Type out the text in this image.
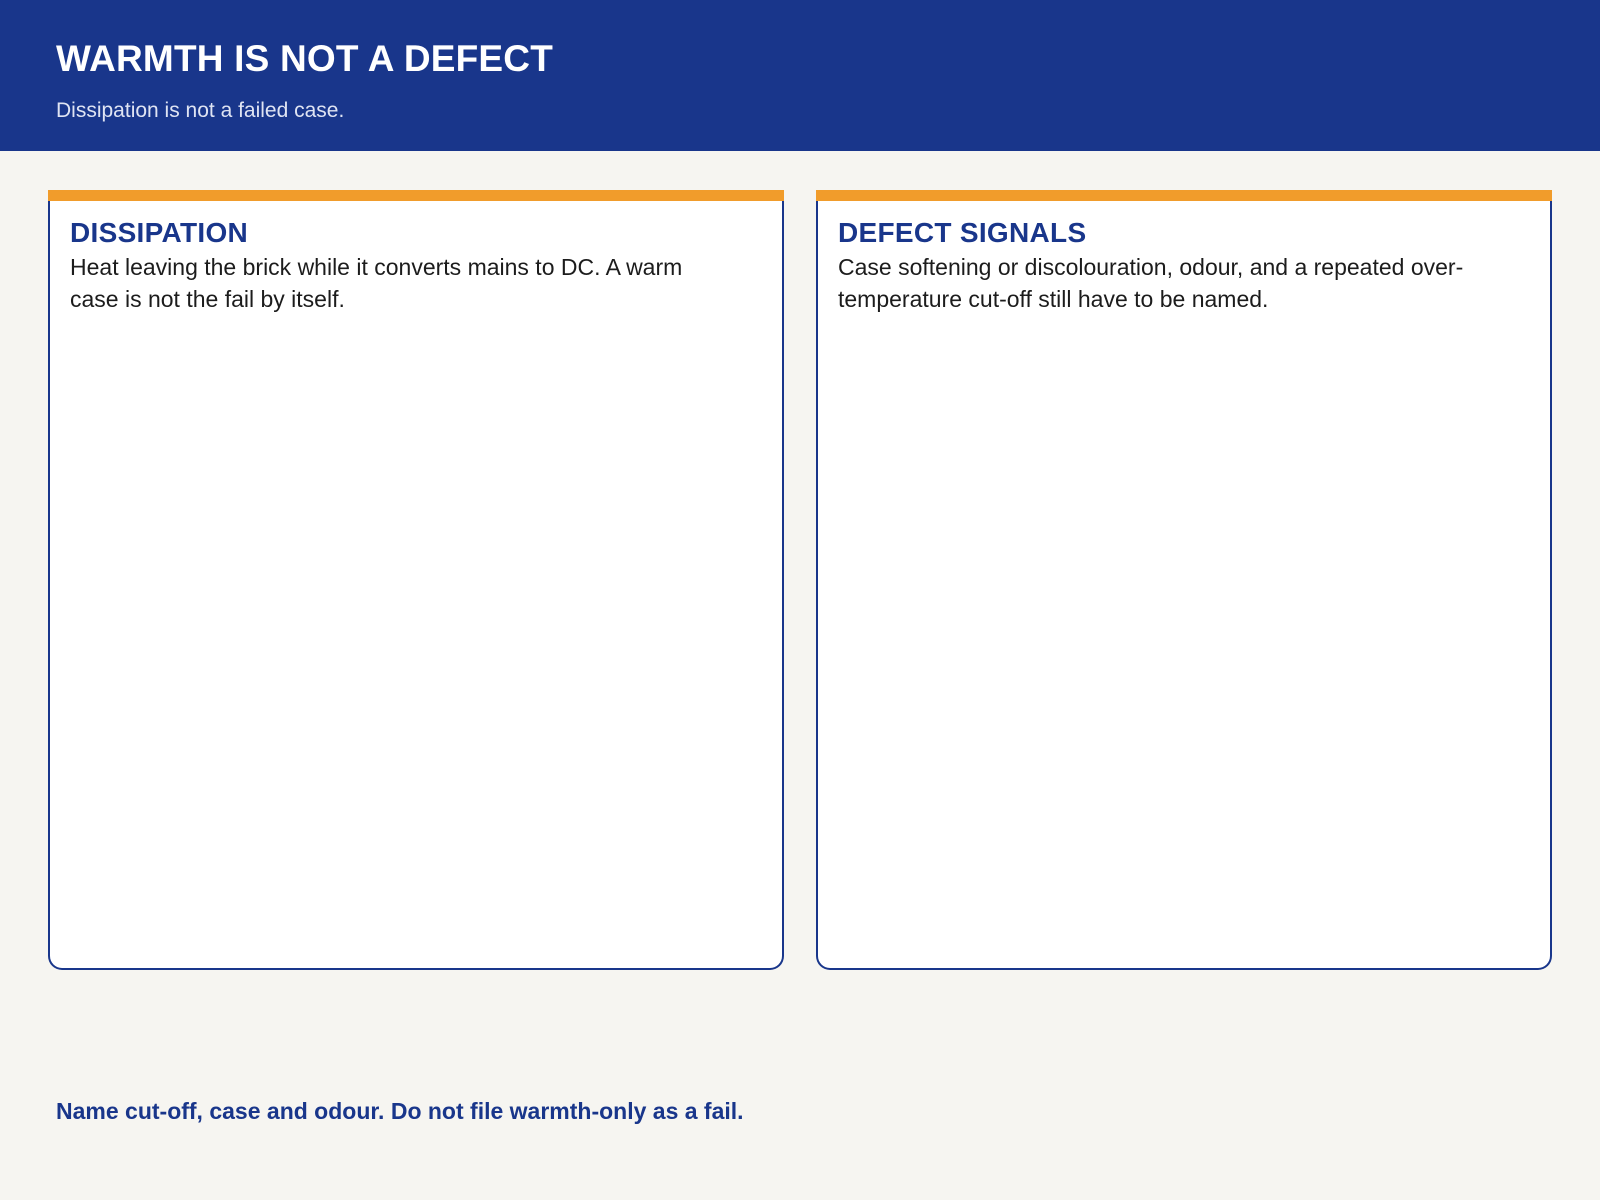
WARMTH IS NOT A DEFECT
Dissipation is not a failed case.
DISSIPATION

Heat leaving the brick while it converts mains to DC. A warm case is not the fail by itself.

DEFECT SIGNALS

Case softening or discolouration, odour, and a repeated over-temperature cut-off still have to be named.

Name cut-off, case and odour. Do not file warmth-only as a fail.
